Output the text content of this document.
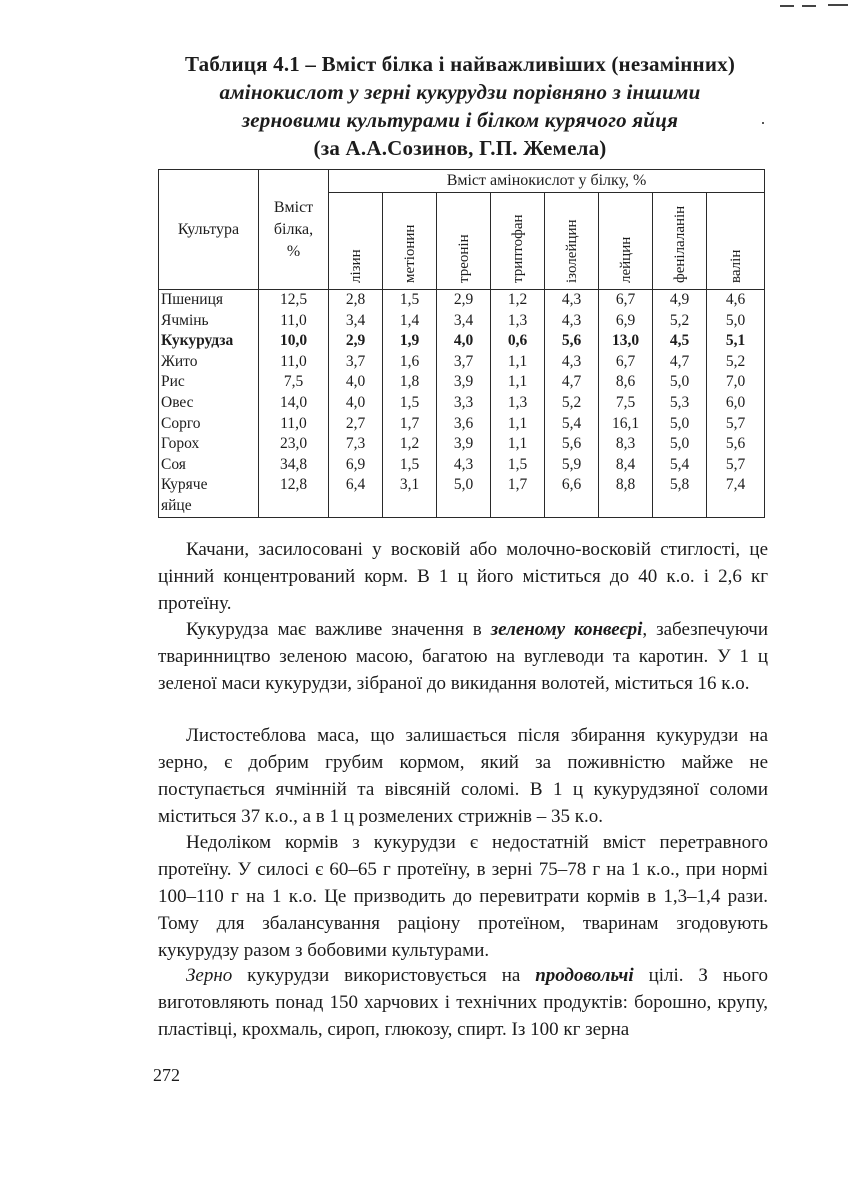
Таблиця 4.1 – Вміст білка і найважливіших (незамінних)
амінокислот у зерні кукурудзи порівняно з іншими
зерновими культурами і білком курячого яйця
(за А.А.Созинов, Г.П. Жемела)
Культура	Вміст
білка,
%	Вміст амінокислот у білку, %							

		лізин	метіонин	треонін	триптофан	ізолейцин	лейцин	фенілаланін	валін

Пшениця	12,5	2,8	1,5	2,9	1,2	4,3	6,7	4,9	4,6
Ячмінь	11,0	3,4	1,4	3,4	1,3	4,3	6,9	5,2	5,0
Кукурудза	10,0	2,9	1,9	4,0	0,6	5,6	13,0	4,5	5,1
Жито	11,0	3,7	1,6	3,7	1,1	4,3	6,7	4,7	5,2
Рис	7,5	4,0	1,8	3,9	1,1	4,7	8,6	5,0	7,0
Овес	14,0	4,0	1,5	3,3	1,3	5,2	7,5	5,3	6,0
Сорго	11,0	2,7	1,7	3,6	1,1	5,4	16,1	5,0	5,7
Горох	23,0	7,3	1,2	3,9	1,1	5,6	8,3	5,0	5,6
Соя	34,8	6,9	1,5	4,3	1,5	5,9	8,4	5,4	5,7

Куряче
яйце	12,8	6,4	3,1	5,0	1,7	6,6	8,8	5,8	7,4

Качани, засилосовані у восковій або молочно-восковій стиглості, це цінний концентрований корм. В 1 ц його міститься до 40 к.о. і 2,6 кг протеїну.

Кукурудза має важливе значення в зеленому конвеєрі, забезпечуючи тваринництво зеленою масою, багатою на вуглеводи та каротин. У 1 ц зеленої маси кукурудзи, зібраної до викидання волотей, міститься 16 к.о.

Листостеблова маса, що залишається після збирання кукурудзи на зерно, є добрим грубим кормом, який за поживністю майже не поступається ячмінній та вівсяній соломі. В 1 ц кукурудзяної соломи міститься 37 к.о., а в 1 ц розмелених стрижнів – 35 к.о.

Недоліком кормів з кукурудзи є недостатній вміст перетравного протеїну. У силосі є 60–65 г протеїну, в зерні 75–78 г на 1 к.о., при нормі 100–110 г на 1 к.о. Це призводить до перевитрати кормів в 1,3–1,4 рази. Тому для збалансування раціону протеїном, тваринам згодовують кукурудзу разом з бобовими культурами.

Зерно кукурудзи використовується на продовольчі цілі. З нього виготовляють понад 150 харчових і технічних продуктів: борошно, крупу, пластівці, крохмаль, сироп, глюкозу, спирт. Із 100 кг зерна

272
